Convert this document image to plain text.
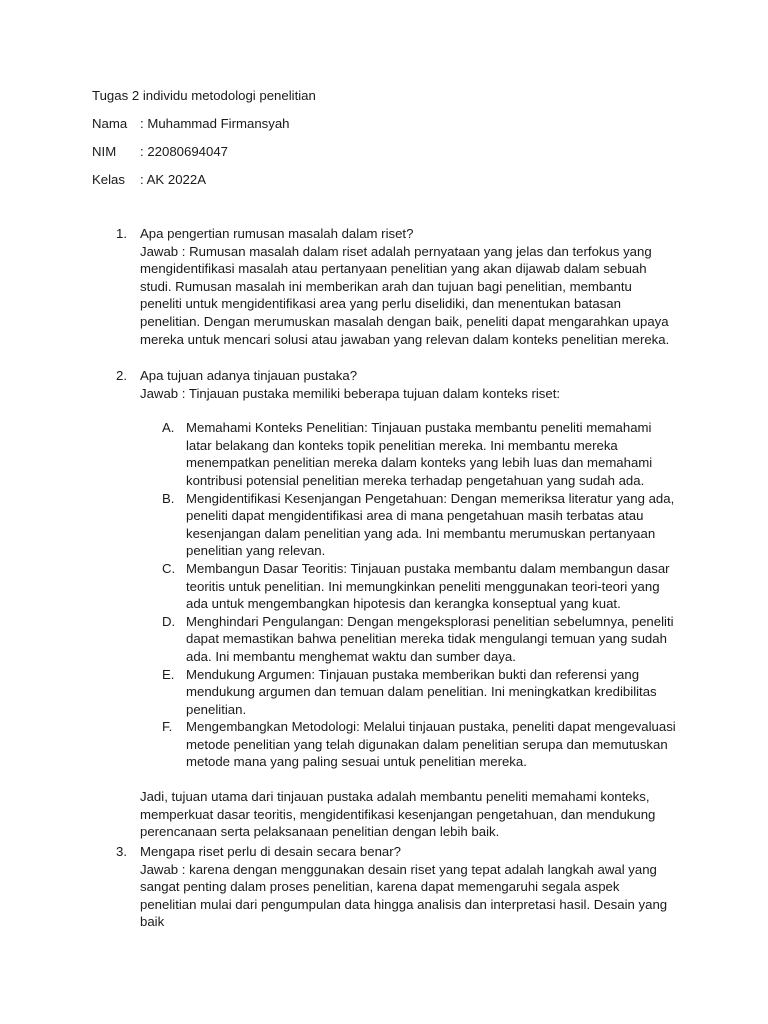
Tugas 2 individu metodologi penelitian
Nama : Muhammad Firmansyah
NIM : 22080694047
Kelas : AK 2022A
1. Apa pengertian rumusan masalah dalam riset?
Jawab : Rumusan masalah dalam riset adalah pernyataan yang jelas dan terfokus yang mengidentifikasi masalah atau pertanyaan penelitian yang akan dijawab dalam sebuah studi. Rumusan masalah ini memberikan arah dan tujuan bagi penelitian, membantu peneliti untuk mengidentifikasi area yang perlu diselidiki, dan menentukan batasan penelitian. Dengan merumuskan masalah dengan baik, peneliti dapat mengarahkan upaya mereka untuk mencari solusi atau jawaban yang relevan dalam konteks penelitian mereka.
2. Apa tujuan adanya tinjauan pustaka?
Jawab : Tinjauan pustaka memiliki beberapa tujuan dalam konteks riset:
A. Memahami Konteks Penelitian: Tinjauan pustaka membantu peneliti memahami latar belakang dan konteks topik penelitian mereka. Ini membantu mereka menempatkan penelitian mereka dalam konteks yang lebih luas dan memahami kontribusi potensial penelitian mereka terhadap pengetahuan yang sudah ada.
B. Mengidentifikasi Kesenjangan Pengetahuan: Dengan memeriksa literatur yang ada, peneliti dapat mengidentifikasi area di mana pengetahuan masih terbatas atau kesenjangan dalam penelitian yang ada. Ini membantu merumuskan pertanyaan penelitian yang relevan.
C. Membangun Dasar Teoritis: Tinjauan pustaka membantu dalam membangun dasar teoritis untuk penelitian. Ini memungkinkan peneliti menggunakan teori-teori yang ada untuk mengembangkan hipotesis dan kerangka konseptual yang kuat.
D. Menghindari Pengulangan: Dengan mengeksplorasi penelitian sebelumnya, peneliti dapat memastikan bahwa penelitian mereka tidak mengulangi temuan yang sudah ada. Ini membantu menghemat waktu dan sumber daya.
E. Mendukung Argumen: Tinjauan pustaka memberikan bukti dan referensi yang mendukung argumen dan temuan dalam penelitian. Ini meningkatkan kredibilitas penelitian.
F. Mengembangkan Metodologi: Melalui tinjauan pustaka, peneliti dapat mengevaluasi metode penelitian yang telah digunakan dalam penelitian serupa dan memutuskan metode mana yang paling sesuai untuk penelitian mereka.
Jadi, tujuan utama dari tinjauan pustaka adalah membantu peneliti memahami konteks, memperkuat dasar teoritis, mengidentifikasi kesenjangan pengetahuan, dan mendukung perencanaan serta pelaksanaan penelitian dengan lebih baik.
3. Mengapa riset perlu di desain secara benar?
Jawab : karena dengan menggunakan desain riset yang tepat adalah langkah awal yang sangat penting dalam proses penelitian, karena dapat memengaruhi segala aspek penelitian mulai dari pengumpulan data hingga analisis dan interpretasi hasil. Desain yang baik
